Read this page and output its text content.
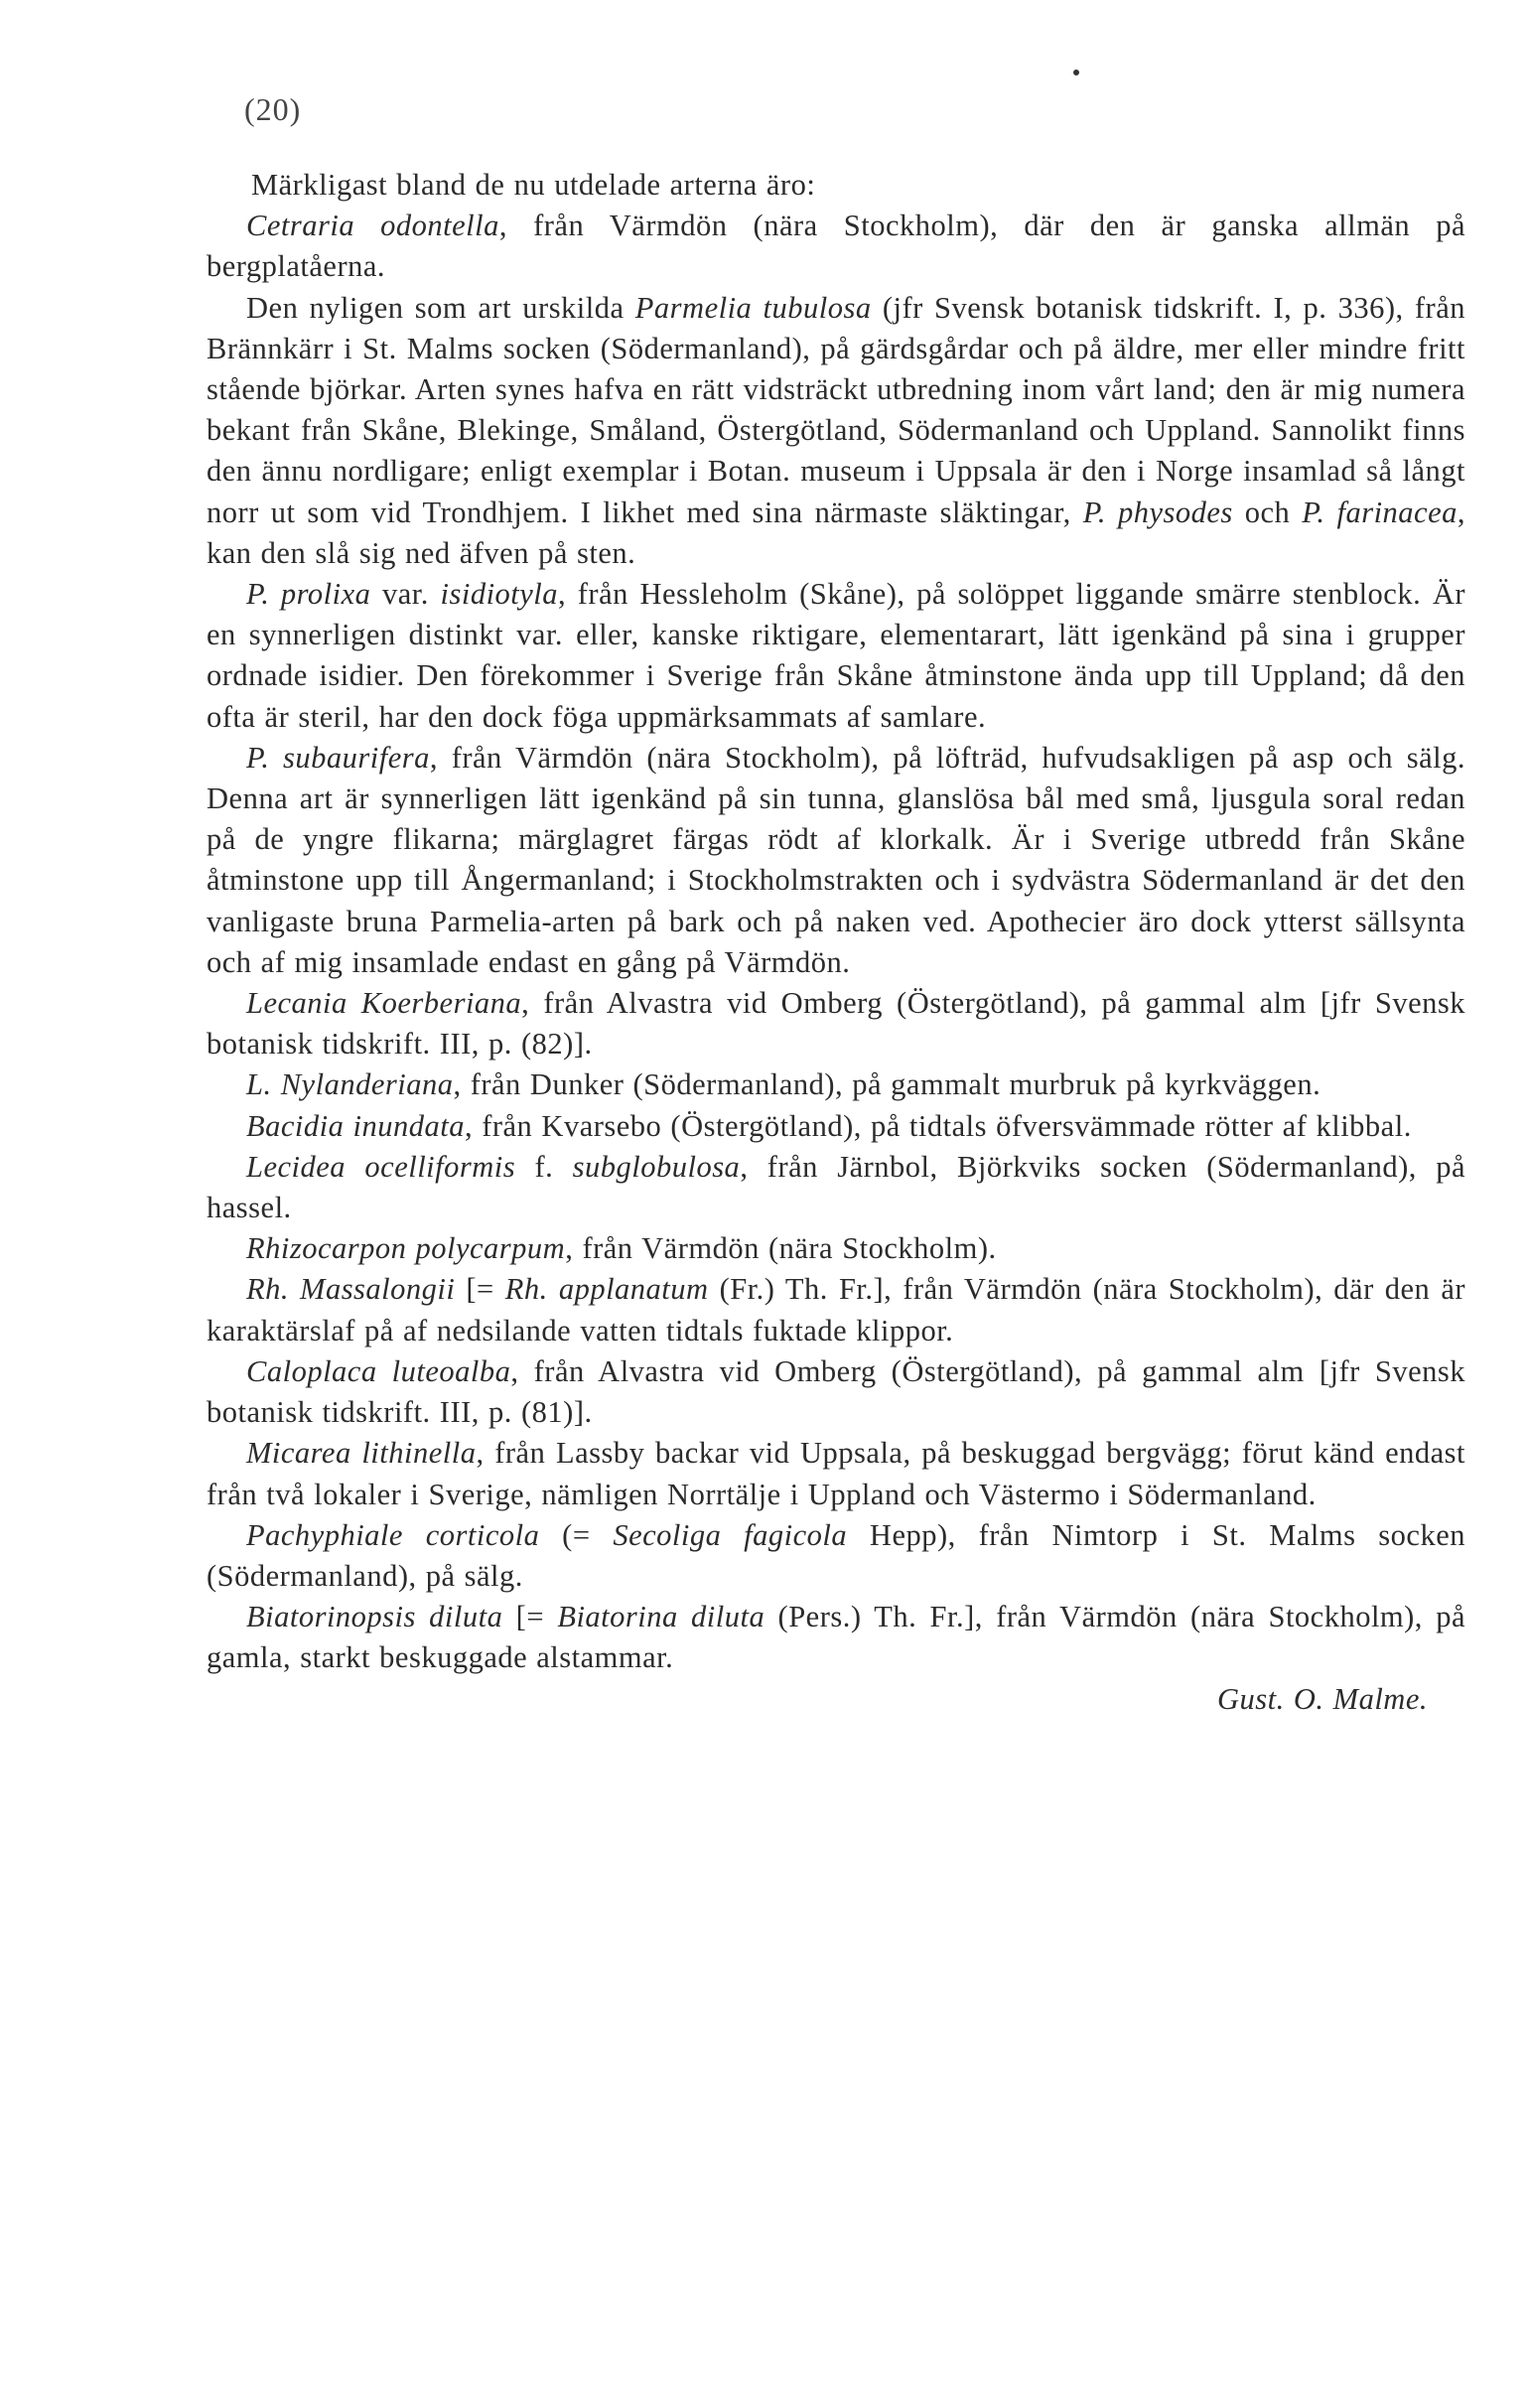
(20)

Märkligast bland de nu utdelade arterna äro:

Cetraria odontella, från Värmdön (nära Stockholm), där den är ganska allmän på bergplatåerna.

Den nyligen som art urskilda Parmelia tubulosa (jfr Svensk botanisk tidskrift. I, p. 336), från Brännkärr i St. Malms socken (Södermanland), på gärdsgårdar och på äldre, mer eller mindre fritt stående björkar. Arten synes hafva en rätt vidsträckt utbredning inom vårt land; den är mig numera bekant från Skåne, Blekinge, Småland, Östergötland, Södermanland och Uppland. Sannolikt finns den ännu nordligare; enligt exemplar i Botan. museum i Uppsala är den i Norge insamlad så långt norr ut som vid Trondhjem. I likhet med sina närmaste släktingar, P. physodes och P. farinacea, kan den slå sig ned äfven på sten.

P. prolixa var. isidiotyla, från Hessleholm (Skåne), på solöppet liggande smärre stenblock. Är en synnerligen distinkt var. eller, kanske riktigare, elementarart, lätt igenkänd på sina i grupper ordnade isidier. Den förekommer i Sverige från Skåne åtminstone ända upp till Uppland; då den ofta är steril, har den dock föga uppmärksammats af samlare.

P. subaurifera, från Värmdön (nära Stockholm), på löfträd, hufvudsakligen på asp och sälg. Denna art är synnerligen lätt igenkänd på sin tunna, glanslösa bål med små, ljusgula soral redan på de yngre flikarna; märglagret färgas rödt af klorkalk. Är i Sverige utbredd från Skåne åtminstone upp till Ångermanland; i Stockholmstrakten och i sydvästra Södermanland är det den vanligaste bruna Parmelia-arten på bark och på naken ved. Apothecier äro dock ytterst sällsynta och af mig insamlade endast en gång på Värmdön.

Lecania Koerberiana, från Alvastra vid Omberg (Östergötland), på gammal alm [jfr Svensk botanisk tidskrift. III, p. (82)].

L. Nylanderiana, från Dunker (Södermanland), på gammalt murbruk på kyrkväggen.

Bacidia inundata, från Kvarsebo (Östergötland), på tidtals öfversvämmade rötter af klibbal.

Lecidea ocelliformis f. subglobulosa, från Järnbol, Björkviks socken (Södermanland), på hassel.

Rhizocarpon polycarpum, från Värmdön (nära Stockholm).

Rh. Massalongii [= Rh. applanatum (Fr.) Th. Fr.], från Värmdön (nära Stockholm), där den är karaktärslaf på af nedsilande vatten tidtals fuktade klippor.

Caloplaca luteoalba, från Alvastra vid Omberg (Östergötland), på gammal alm [jfr Svensk botanisk tidskrift. III, p. (81)].

Micarea lithinella, från Lassby backar vid Uppsala, på beskuggad bergvägg; förut känd endast från två lokaler i Sverige, nämligen Norrtälje i Uppland och Västermo i Södermanland.

Pachyphiale corticola (= Secoliga fagicola Hepp), från Nimtorp i St. Malms socken (Södermanland), på sälg.

Biatorinopsis diluta [= Biatorina diluta (Pers.) Th. Fr.], från Värmdön (nära Stockholm), på gamla, starkt beskuggade alstammar.

Gust. O. Malme.
